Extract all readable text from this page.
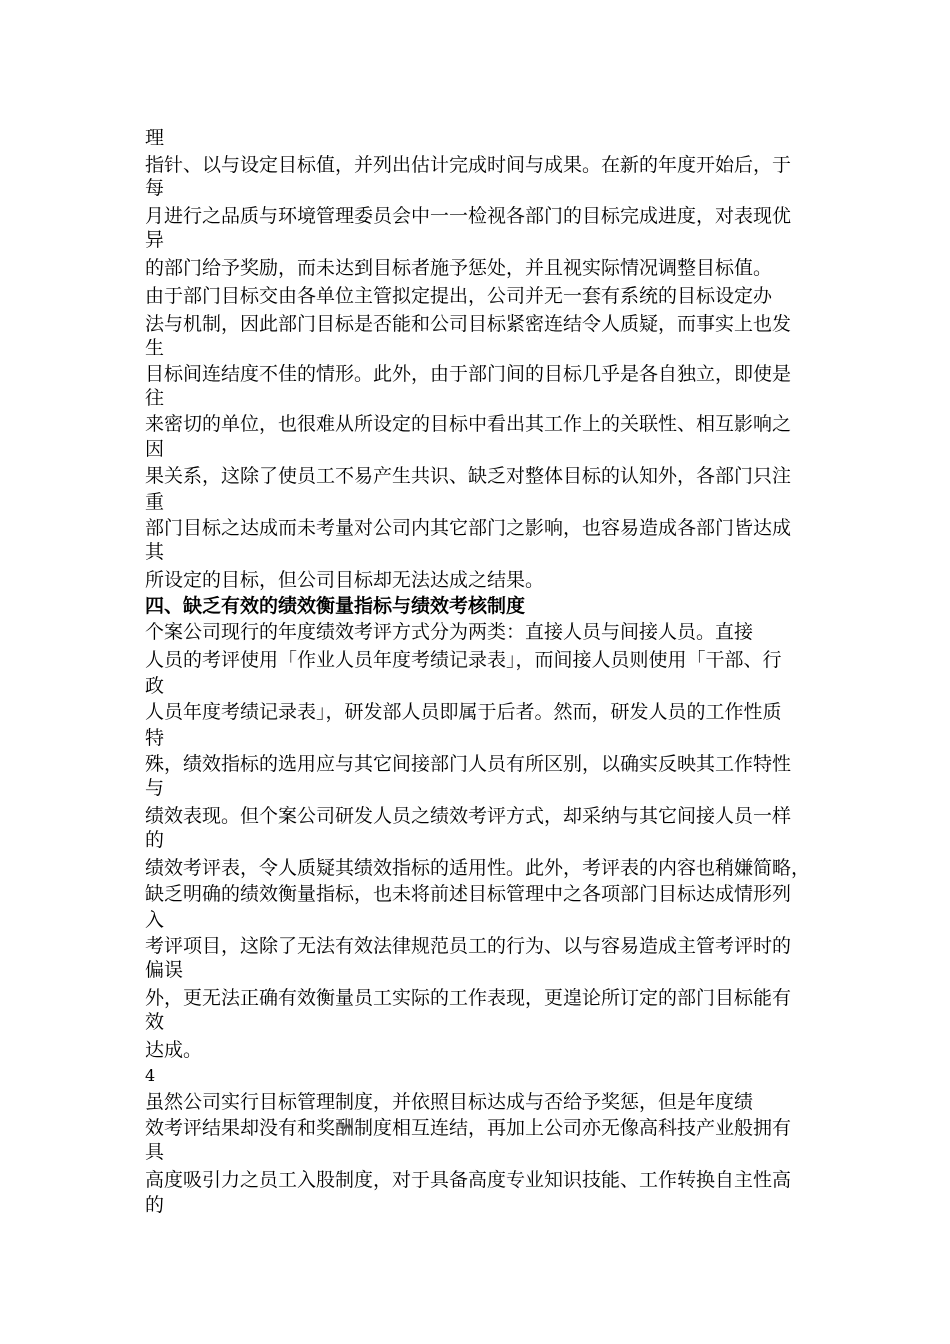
理
指针、以与设定目标值，并列出估计完成时间与成果。在新的年度开始后，于
每
月进行之品质与环境管理委员会中一一检视各部门的目标完成进度，对表现优
异
的部门给予奖励，而未达到目标者施予惩处，并且视实际情况调整目标值。
由于部门目标交由各单位主管拟定提出，公司并无一套有系统的目标设定办
法与机制，因此部门目标是否能和公司目标紧密连结令人质疑，而事实上也发
生
目标间连结度不佳的情形。此外，由于部门间的目标几乎是各自独立，即使是
往
来密切的单位，也很难从所设定的目标中看出其工作上的关联性、相互影响之
因
果关系，这除了使员工不易产生共识、缺乏对整体目标的认知外，各部门只注
重
部门目标之达成而未考量对公司内其它部门之影响，也容易造成各部门皆达成
其
所设定的目标，但公司目标却无法达成之结果。
四、缺乏有效的绩效衡量指标与绩效考核制度
个案公司现行的年度绩效考评方式分为两类：直接人员与间接人员。直接
人员的考评使用「作业人员年度考绩记录表」，而间接人员则使用「干部、行
政
人员年度考绩记录表」，研发部人员即属于后者。然而，研发人员的工作性质
特
殊，绩效指标的选用应与其它间接部门人员有所区别，以确实反映其工作特性
与
绩效表现。但个案公司研发人员之绩效考评方式，却采纳与其它间接人员一样
的
绩效考评表，令人质疑其绩效指标的适用性。此外，考评表的内容也稍嫌简略，
缺乏明确的绩效衡量指标，也未将前述目标管理中之各项部门目标达成情形列
入
考评项目，这除了无法有效法律规范员工的行为、以与容易造成主管考评时的
偏误
外，更无法正确有效衡量员工实际的工作表现，更遑论所订定的部门目标能有
效
达成。
4
虽然公司实行目标管理制度，并依照目标达成与否给予奖惩，但是年度绩
效考评结果却没有和奖酬制度相互连结，再加上公司亦无像高科技产业般拥有
具
高度吸引力之员工入股制度，对于具备高度专业知识技能、工作转换自主性高
的
